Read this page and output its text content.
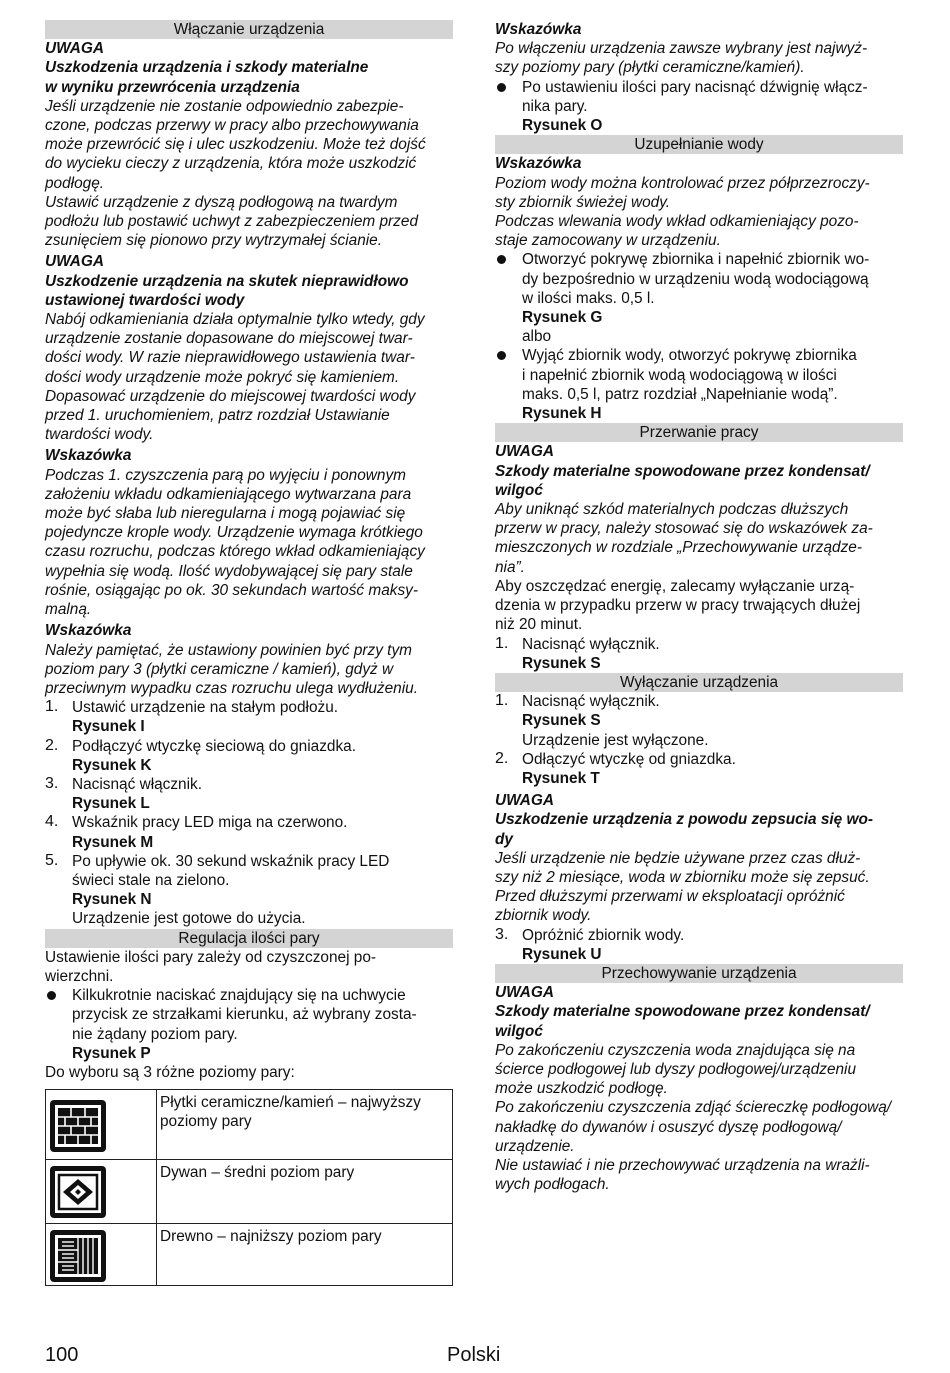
Włączanie urządzenia

UWAGA

Uszkodzenia urządzenia i szkody materialne

w wyniku przewrócenia urządzenia

Jeśli urządzenie nie zostanie odpowiednio zabezpie-

czone, podczas przerwy w pracy albo przechowywania

może przewrócić się i ulec uszkodzeniu. Może też dojść

do wycieku cieczy z urządzenia, która może uszkodzić

podłogę.

Ustawić urządzenie z dyszą podłogową na twardym

podłożu lub postawić uchwyt z zabezpieczeniem przed

zsunięciem się pionowo przy wytrzymałej ścianie.

UWAGA

Uszkodzenie urządzenia na skutek nieprawidłowo

ustawionej twardości wody

Nabój odkamieniania działa optymalnie tylko wtedy, gdy

urządzenie zostanie dopasowane do miejscowej twar-

dości wody. W razie nieprawidłowego ustawienia twar-

dości wody urządzenie może pokryć się kamieniem.

Dopasować urządzenie do miejscowej twardości wody

przed 1. uruchomieniem, patrz rozdział Ustawianie

twardości wody.

Wskazówka

Podczas 1. czyszczenia parą po wyjęciu i ponownym

założeniu wkładu odkamieniającego wytwarzana para

może być słaba lub nieregularna i mogą pojawiać się

pojedyncze krople wody. Urządzenie wymaga krótkiego

czasu rozruchu, podczas którego wkład odkamieniający

wypełnia się wodą. Ilość wydobywającej się pary stale

rośnie, osiągając po ok. 30 sekundach wartość maksy-

malną.

Wskazówka

Należy pamiętać, że ustawiony powinien być przy tym

poziom pary 3 (płytki ceramiczne / kamień), gdyż w

przeciwnym wypadku czas rozruchu ulega wydłużeniu.

1. Ustawić urządzenie na stałym podłożu.

Rysunek I

2. Podłączyć wtyczkę sieciową do gniazdka.

Rysunek K

3. Nacisnąć włącznik.

Rysunek L

4. Wskaźnik pracy LED miga na czerwono.

Rysunek M

5. Po upływie ok. 30 sekund wskaźnik pracy LED

świeci stale na zielono.

Rysunek N

Urządzenie jest gotowe do użycia.

Regulacja ilości pary

Ustawienie ilości pary zależy od czyszczonej po-

wierzchni.

Kilkukrotnie naciskać znajdujący się na uchwycie

przycisk ze strzałkami kierunku, aż wybrany zosta-

nie żądany poziom pary.

Rysunek P

Do wyboru są 3 różne poziomy pary:

Płytki ceramiczne/kamień – najwyższy

poziomy pary

Dywan – średni poziom pary

Drewno – najniższy poziom pary

Wskazówka

Po włączeniu urządzenia zawsze wybrany jest najwyż-

szy poziomy pary (płytki ceramiczne/kamień).

Po ustawieniu ilości pary nacisnąć dźwignię włącz-

nika pary.

Rysunek O

Uzupełnianie wody

Wskazówka

Poziom wody można kontrolować przez półprzezroczy-

sty zbiornik świeżej wody.

Podczas wlewania wody wkład odkamieniający pozo-

staje zamocowany w urządzeniu.

Otworzyć pokrywę zbiornika i napełnić zbiornik wo-

dy bezpośrednio w urządzeniu wodą wodociągową

w ilości maks. 0,5 l.

Rysunek G

albo

Wyjąć zbiornik wody, otworzyć pokrywę zbiornika

i napełnić zbiornik wodą wodociągową w ilości

maks. 0,5 l, patrz rozdział „Napełnianie wodą”.

Rysunek H

Przerwanie pracy

UWAGA

Szkody materialne spowodowane przez kondensat/

wilgoć

Aby uniknąć szkód materialnych podczas dłuższych

przerw w pracy, należy stosować się do wskazówek za-

mieszczonych w rozdziale „Przechowywanie urządze-

nia”.

Aby oszczędzać energię, zalecamy wyłączanie urzą-

dzenia w przypadku przerw w pracy trwających dłużej

niż 20 minut.

1. Nacisnąć wyłącznik.

Rysunek S

Wyłączanie urządzenia

1. Nacisnąć wyłącznik.

Rysunek S

Urządzenie jest wyłączone.

2. Odłączyć wtyczkę od gniazdka.

Rysunek T

UWAGA

Uszkodzenie urządzenia z powodu zepsucia się wo-

dy

Jeśli urządzenie nie będzie używane przez czas dłuż-

szy niż 2 miesiące, woda w zbiorniku może się zepsuć.

Przed dłuższymi przerwami w eksploatacji opróżnić

zbiornik wody.

3. Opróżnić zbiornik wody.

Rysunek U

Przechowywanie urządzenia

UWAGA

Szkody materialne spowodowane przez kondensat/

wilgoć

Po zakończeniu czyszczenia woda znajdująca się na

ścierce podłogowej lub dyszy podłogowej/urządzeniu

może uszkodzić podłogę.

Po zakończeniu czyszczenia zdjąć ściereczkę podłogową/

nakładkę do dywanów i osuszyć dyszę podłogową/

urządzenie.

Nie ustawiać i nie przechowywać urządzenia na wrażli-

wych podłogach.

100	Polski
